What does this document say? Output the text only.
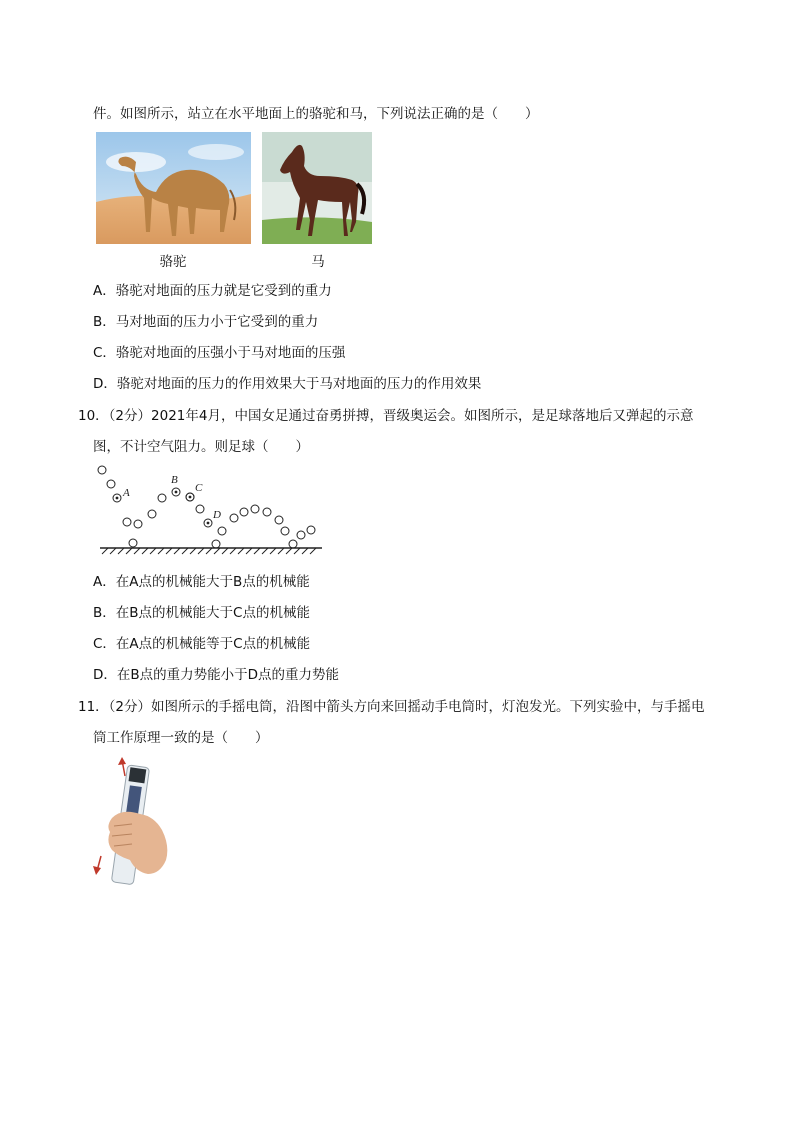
件。如图所示，站立在水平地面上的骆驼和马，下列说法正确的是（　　）
骆驼	马
A．骆驼对地面的压力就是它受到的重力
B．马对地面的压力小于它受到的重力
C．骆驼对地面的压强小于马对地面的压强
D．骆驼对地面的压力的作用效果大于马对地面的压力的作用效果
10．（2分）2021年4月，中国女足通过奋勇拼搏，晋级奥运会。如图所示，是足球落地后又弹起的示意
图，不计空气阻力。则足球（　　）
A
B
C
D
A．在A点的机械能大于B点的机械能
B．在B点的机械能大于C点的机械能
C．在A点的机械能等于C点的机械能
D．在B点的重力势能小于D点的重力势能
11．（2分）如图所示的手摇电筒，沿图中箭头方向来回摇动手电筒时，灯泡发光。下列实验中，与手摇电
筒工作原理一致的是（　　）
